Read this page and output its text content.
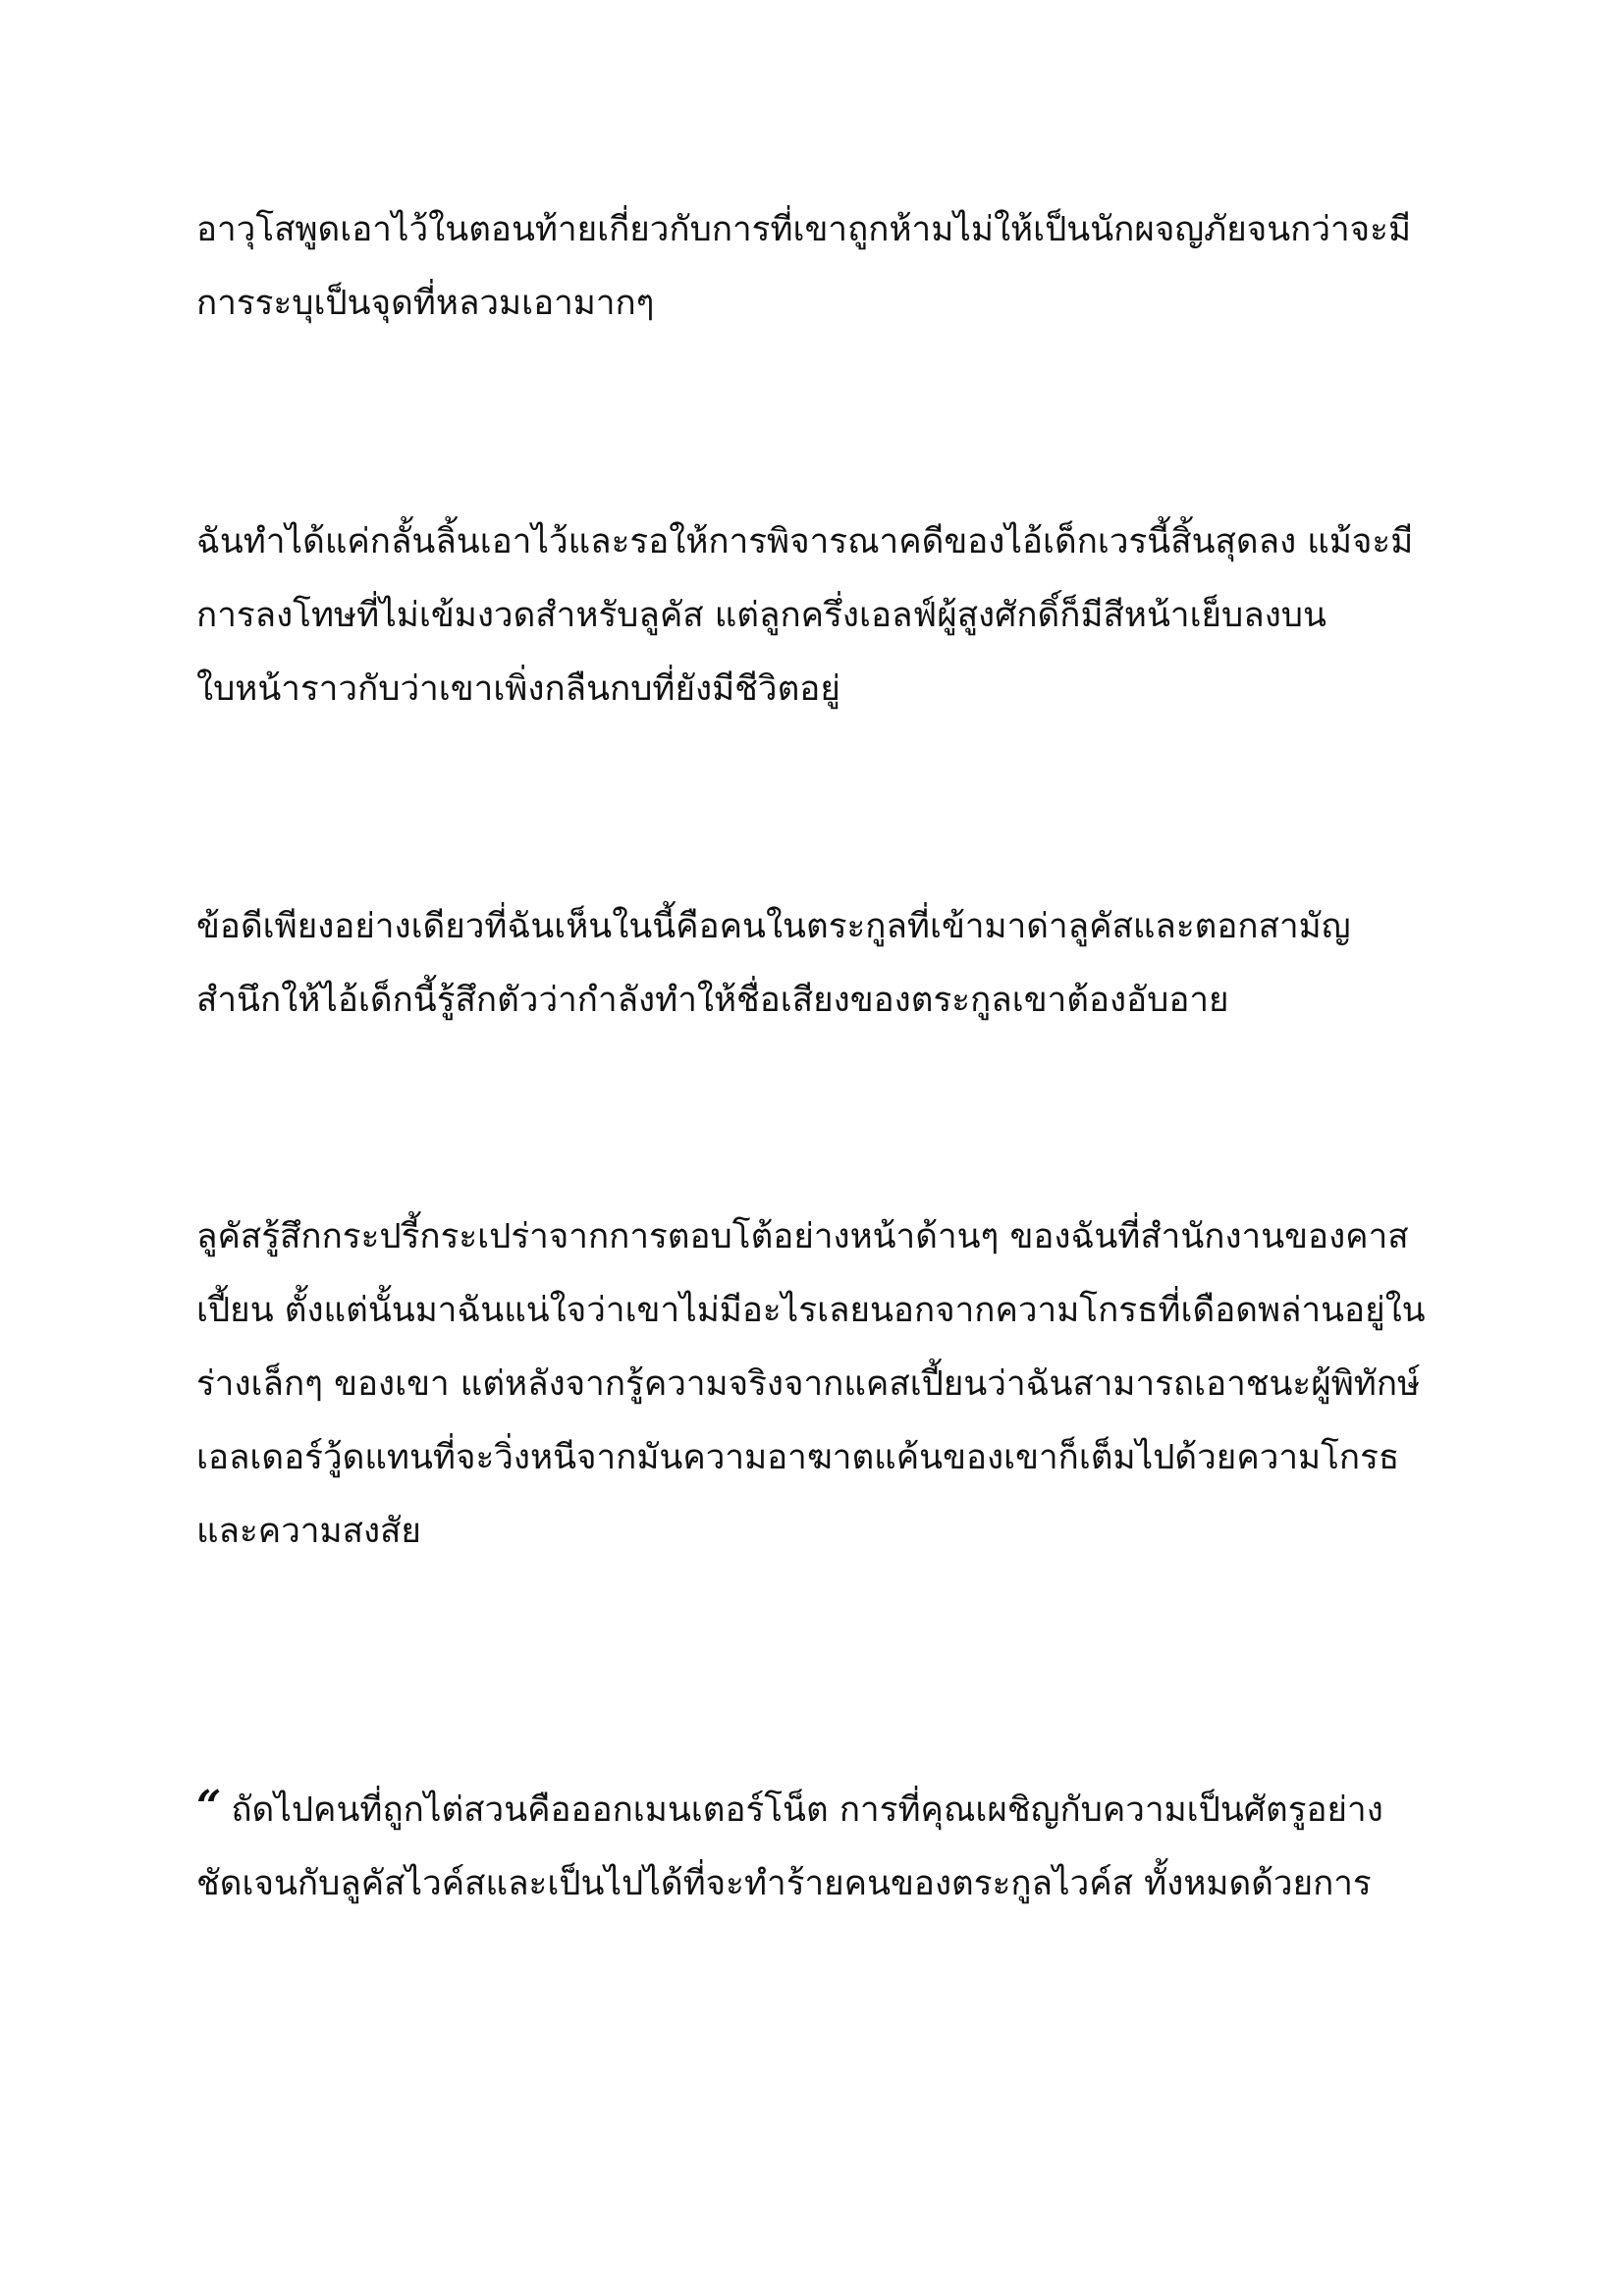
อาวุโสพูดเอาไว้ในตอนท้ายเกี่ยวกับการที่เขาถูกห้ามไม่ให้เป็นนักผจญภัยจนกว่าจะมี
การระบุเป็นจุดที่หลวมเอามากๆ

ฉันทำได้แค่กลั้นลิ้นเอาไว้และรอให้การพิจารณาคดีของไอ้เด็กเวรนี้สิ้นสุดลง แม้จะมี
การลงโทษที่ไม่เข้มงวดสำหรับลูคัส แต่ลูกครึ่งเอลฟ์ผู้สูงศักดิ์ก็มีสีหน้าเย็บลงบน
ใบหน้าราวกับว่าเขาเพิ่งกลืนกบที่ยังมีชีวิตอยู่

ข้อดีเพียงอย่างเดียวที่ฉันเห็นในนี้คือคนในตระกูลที่เข้ามาด่าลูคัสและตอกสามัญ
สำนึกให้ไอ้เด็กนี้รู้สึกตัวว่ากำลังทำให้ชื่อเสียงของตระกูลเขาต้องอับอาย

ลูคัสรู้สึกกระปรี้กระเปร่าจากการตอบโต้อย่างหน้าด้านๆ ของฉันที่สำนักงานของคาส
เปี้ยน ตั้งแต่นั้นมาฉันแน่ใจว่าเขาไม่มีอะไรเลยนอกจากความโกรธที่เดือดพล่านอยู่ใน
ร่างเล็กๆ ของเขา แต่หลังจากรู้ความจริงจากแคสเปี้ยนว่าฉันสามารถเอาชนะผู้พิทักษ์
เอลเดอร์วู้ดแทนที่จะวิ่งหนีจากมันความอาฆาตแค้นของเขาก็เต็มไปด้วยความโกรธ
และความสงสัย

“ ถัดไปคนที่ถูกไต่สวนคือออกเมนเตอร์โน็ต การที่คุณเผชิญกับความเป็นศัตรูอย่าง
ชัดเจนกับลูคัสไวค์สและเป็นไปได้ที่จะทำร้ายคนของตระกูลไวค์ส ทั้งหมดด้วยการ
